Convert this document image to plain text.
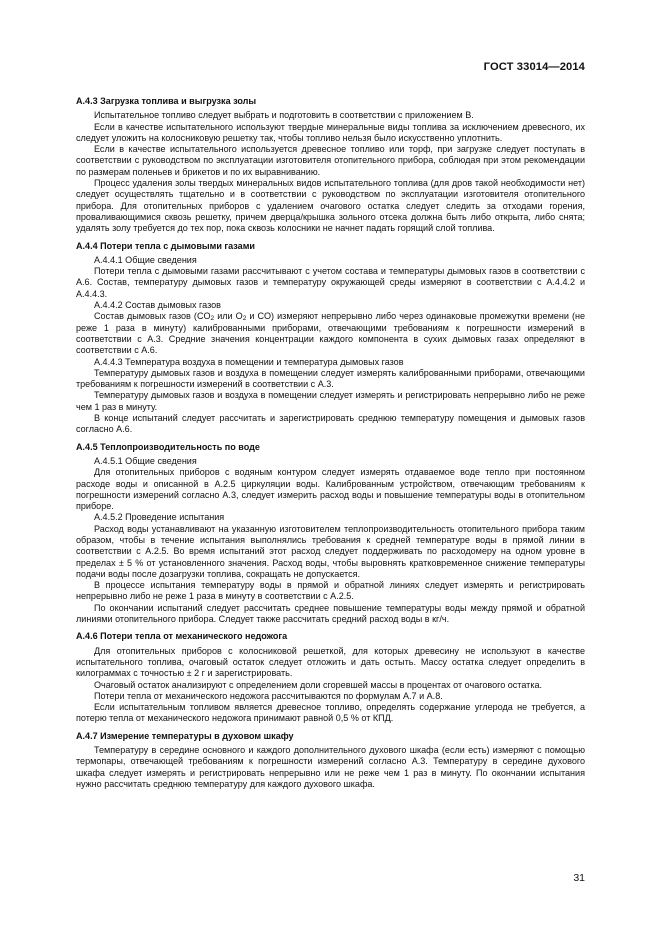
ГОСТ 33014—2014

А.4.3 Загрузка топлива и выгрузка золы

Испытательное топливо следует выбрать и подготовить в соответствии с приложением В.

Если в качестве испытательного используют твердые минеральные виды топлива за исключением древесного, их следует уложить на колосниковую решетку так, чтобы топливо нельзя было искусственно уплотнить.

Если в качестве испытательного используется древесное топливо или торф, при загрузке следует поступать в соответствии с руководством по эксплуатации изготовителя отопительного прибора, соблюдая при этом рекомендации по размерам поленьев и брикетов и по их выравниванию.

Процесс удаления золы твердых минеральных видов испытательного топлива (для дров такой необходимости нет) следует осуществлять тщательно и в соответствии с руководством по эксплуатации изготовителя отопительного прибора. Для отопительных приборов с удалением очагового остатка следует следить за отходами горения, проваливающимися сквозь решетку, причем дверца/крышка зольного отсека должна быть либо открыта, либо снята; удалять золу требуется до тех пор, пока сквозь колосники не начнет падать горящий слой топлива.

А.4.4 Потери тепла с дымовыми газами

А.4.4.1 Общие сведения

Потери тепла с дымовыми газами рассчитывают с учетом состава и температуры дымовых газов в соответствии с А.6. Состав, температуру дымовых газов и температуру окружающей среды измеряют в соответствии с А.4.4.2 и А.4.4.3.

А.4.4.2 Состав дымовых газов

Состав дымовых газов ($CO_2$ или $O_2$ и CO) измеряют непрерывно либо через одинаковые промежутки времени (не реже 1 раза в минуту) калиброванными приборами, отвечающими требованиям к погрешности измерений в соответствии с А.3. Средние значения концентрации каждого компонента в сухих дымовых газах определяют в соответствии с А.6.

А.4.4.3 Температура воздуха в помещении и температура дымовых газов

Температуру дымовых газов и воздуха в помещении следует измерять калиброванными приборами, отвечающими требованиям к погрешности измерений в соответствии с А.3.

Температуру дымовых газов и воздуха в помещении следует измерять и регистрировать непрерывно либо не реже чем 1 раз в минуту.

В конце испытаний следует рассчитать и зарегистрировать среднюю температуру помещения и дымовых газов согласно А.6.

А.4.5 Теплопроизводительность по воде

А.4.5.1 Общие сведения

Для отопительных приборов с водяным контуром следует измерять отдаваемое воде тепло при постоянном расходе воды и описанной в А.2.5 циркуляции воды. Калиброванным устройством, отвечающим требованиям к погрешности измерений согласно А.3, следует измерить расход воды и повышение температуры воды в отопительном приборе.

А.4.5.2 Проведение испытания

Расход воды устанавливают на указанную изготовителем теплопроизводительность отопительного прибора таким образом, чтобы в течение испытания выполнялись требования к средней температуре воды в прямой линии в соответствии с А.2.5. Во время испытаний этот расход следует поддерживать по расходомеру на одном уровне в пределах ± 5 % от установленного значения. Расход воды, чтобы выровнять кратковременное снижение температуры подачи воды после дозагрузки топлива, сокращать не допускается.

В процессе испытания температуру воды в прямой и обратной линиях следует измерять и регистрировать непрерывно либо не реже 1 раза в минуту в соответствии с А.2.5.

По окончании испытаний следует рассчитать среднее повышение температуры воды между прямой и обратной линиями отопительного прибора. Следует также рассчитать средний расход воды в кг/ч.

А.4.6 Потери тепла от механического недожога

Для отопительных приборов с колосниковой решеткой, для которых древесину не используют в качестве испытательного топлива, очаговый остаток следует отложить и дать остыть. Массу остатка следует определить в килограммах с точностью ± 2 г и зарегистрировать.

Очаговый остаток анализируют с определением доли сгоревшей массы в процентах от очагового остатка.

Потери тепла от механического недожога рассчитываются по формулам А.7 и А.8.

Если испытательным топливом является древесное топливо, определять содержание углерода не требуется, а потерю тепла от механического недожога принимают равной 0,5 % от КПД.

А.4.7 Измерение температуры в духовом шкафу

Температуру в середине основного и каждого дополнительного духового шкафа (если есть) измеряют с помощью термопары, отвечающей требованиям к погрешности измерений согласно А.3. Температуру в середине духового шкафа следует измерять и регистрировать непрерывно или не реже чем 1 раз в минуту. По окончании испытания нужно рассчитать среднюю температуру для каждого духового шкафа.

31
